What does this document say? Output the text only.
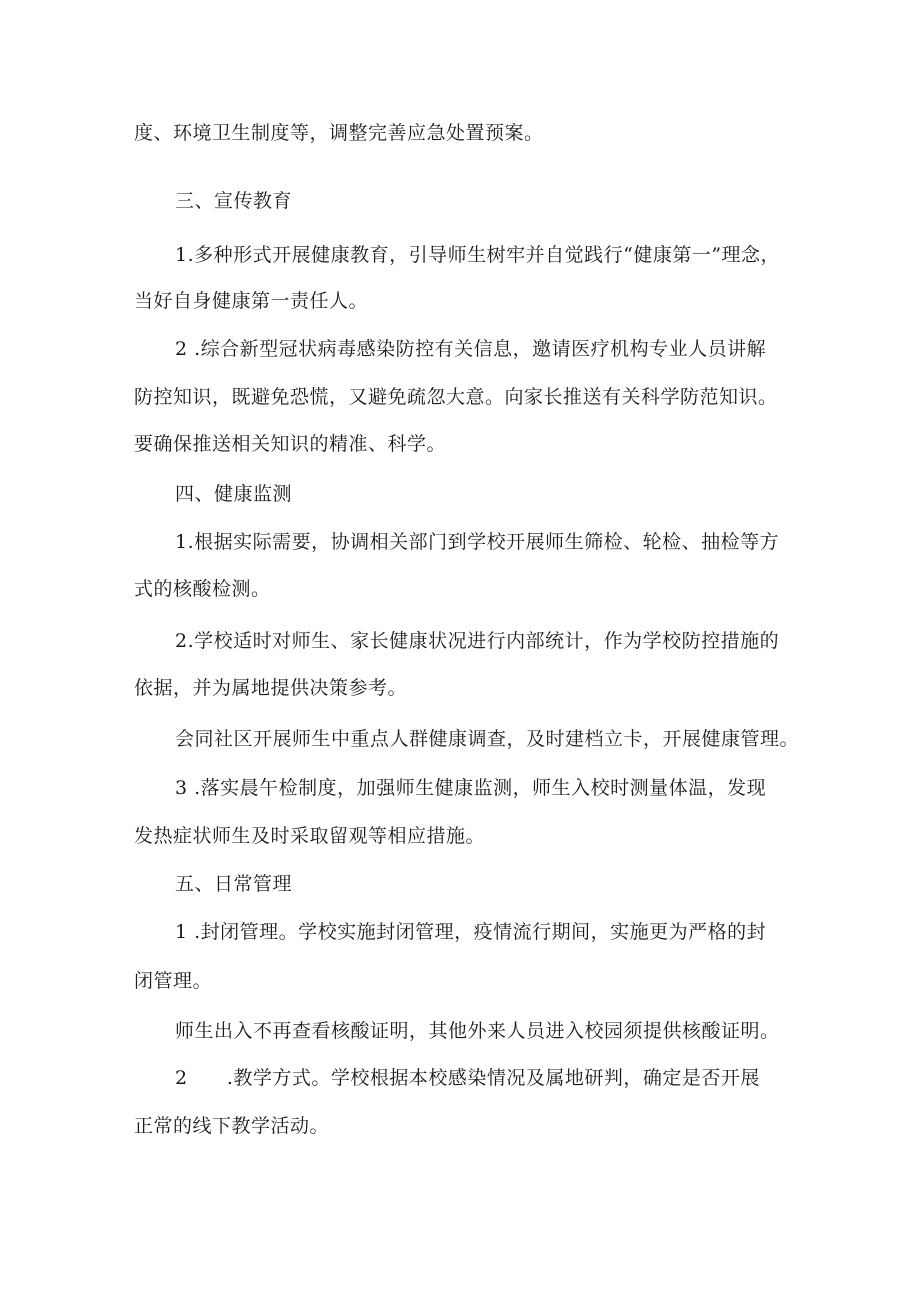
度、环境卫生制度等，调整完善应急处置预案。
三、宣传教育
1.多种形式开展健康教育，引导师生树牢并自觉践行“健康第一”理念，
当好自身健康第一责任人。
2 .综合新型冠状病毒感染防控有关信息，邀请医疗机构专业人员讲解
防控知识，既避免恐慌，又避免疏忽大意。向家长推送有关科学防范知识。
要确保推送相关知识的精准、科学。
四、健康监测
1.根据实际需要，协调相关部门到学校开展师生筛检、轮检、抽检等方
式的核酸检测。
2.学校适时对师生、家长健康状况进行内部统计，作为学校防控措施的
依据，并为属地提供决策参考。
会同社区开展师生中重点人群健康调查，及时建档立卡，开展健康管理。
3 .落实晨午检制度，加强师生健康监测，师生入校时测量体温，发现
发热症状师生及时采取留观等相应措施。
五、日常管理
1 .封闭管理。学校实施封闭管理，疫情流行期间，实施更为严格的封
闭管理。
师生出入不再查看核酸证明，其他外来人员进入校园须提供核酸证明。
2      .教学方式。学校根据本校感染情况及属地研判，确定是否开展
正常的线下教学活动。
